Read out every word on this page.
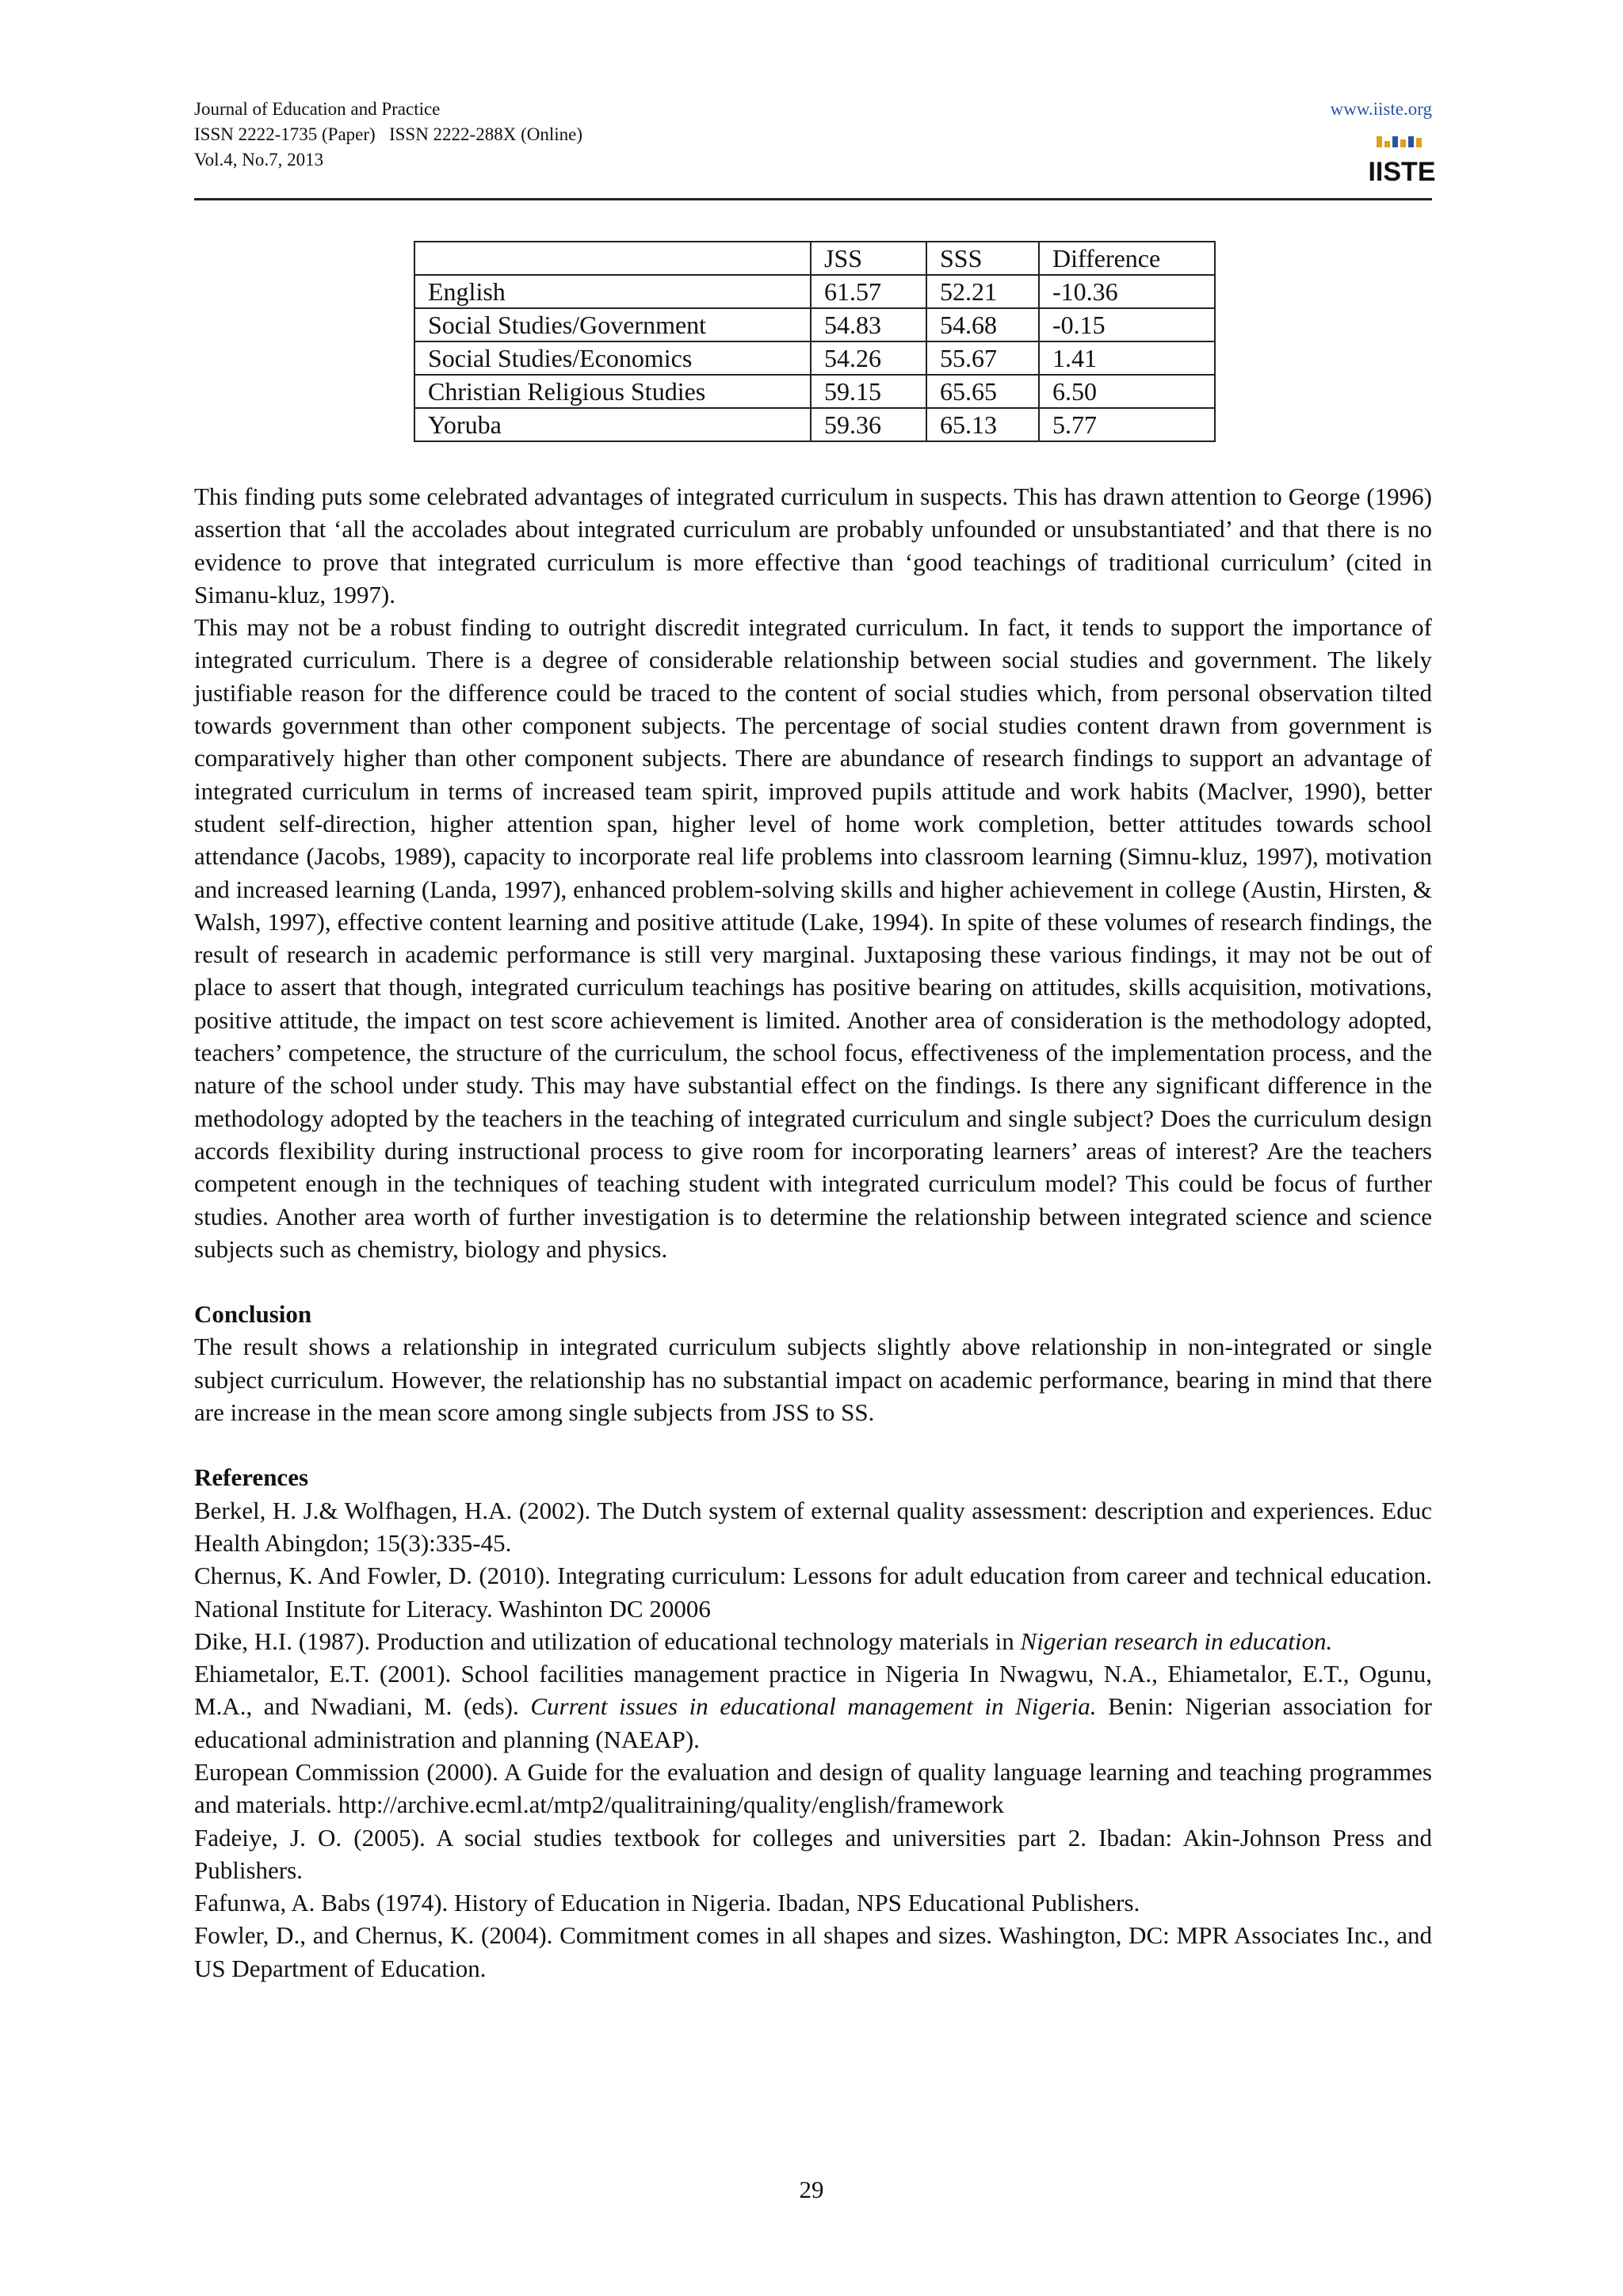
Journal of Education and Practice
ISSN 2222-1735 (Paper)   ISSN 2222-288X (Online)
Vol.4, No.7, 2013
www.iiste.org
IISTE
	JSS	SSS	Difference
English	61.57	52.21	-10.36
Social Studies/Government	54.83	54.68	-0.15
Social Studies/Economics	54.26	55.67	1.41
Christian Religious Studies	59.15	65.65	6.50
Yoruba	59.36	65.13	5.77

This finding puts some celebrated advantages of integrated curriculum in suspects. This has drawn attention to George (1996) assertion that ‘all the accolades about integrated curriculum are probably unfounded or unsubstantiated’ and that there is no evidence to prove that integrated curriculum is more effective than ‘good teachings of traditional curriculum’ (cited in Simanu-kluz, 1997).

This may not be a robust finding to outright discredit integrated curriculum. In fact, it tends to support the importance of integrated curriculum. There is a degree of considerable relationship between social studies and government. The likely justifiable reason for the difference could be traced to the content of social studies which, from personal observation tilted towards government than other component subjects. The percentage of social studies content drawn from government is comparatively higher than other component subjects. There are abundance of research findings to support an advantage of integrated curriculum in terms of increased team spirit, improved pupils attitude and work habits (Maclver, 1990), better student self-direction, higher attention span, higher level of home work completion, better attitudes towards school attendance (Jacobs, 1989), capacity to incorporate real life problems into classroom learning (Simnu-kluz, 1997), motivation and increased learning (Landa, 1997), enhanced problem-solving skills and higher achievement in college (Austin, Hirsten, & Walsh, 1997), effective content learning and positive attitude (Lake, 1994). In spite of these volumes of research findings, the result of research in academic performance is still very marginal. Juxtaposing these various findings, it may not be out of place to assert that though, integrated curriculum teachings has positive bearing on attitudes, skills acquisition, motivations, positive attitude, the impact on test score achievement is limited. Another area of consideration is the methodology adopted, teachers’ competence, the structure of the curriculum, the school focus, effectiveness of the implementation process, and the nature of the school under study. This may have substantial effect on the findings. Is there any significant difference in the methodology adopted by the teachers in the teaching of integrated curriculum and single subject? Does the curriculum design accords flexibility during instructional process to give room for incorporating learners’ areas of interest? Are the teachers competent enough in the techniques of teaching student with integrated curriculum model? This could be focus of further studies. Another area worth of further investigation is to determine the relationship between integrated science and science subjects such as chemistry, biology and physics.

Conclusion

The result shows a relationship in integrated curriculum subjects slightly above relationship in non-integrated or single subject curriculum. However, the relationship has no substantial impact on academic performance, bearing in mind that there are increase in the mean score among single subjects from JSS to SS.

References

Berkel, H. J.& Wolfhagen, H.A. (2002). The Dutch system of external quality assessment: description and experiences. Educ Health Abingdon; 15(3):335-45.

Chernus, K. And Fowler, D. (2010). Integrating curriculum: Lessons for adult education from career and technical education. National Institute for Literacy. Washinton DC 20006

Dike, H.I. (1987). Production and utilization of educational technology materials in Nigerian research in education.

Ehiametalor, E.T. (2001). School facilities management practice in Nigeria In Nwagwu, N.A., Ehiametalor, E.T., Ogunu, M.A., and Nwadiani, M. (eds). Current issues in educational management in Nigeria. Benin: Nigerian association for educational administration and planning (NAEAP).

European Commission (2000). A Guide for the evaluation and design of quality language learning and teaching programmes and materials. http://archive.ecml.at/mtp2/qualitraining/quality/english/framework

Fadeiye, J. O. (2005). A social studies textbook for colleges and universities part 2. Ibadan: Akin-Johnson Press and Publishers.

Fafunwa, A. Babs (1974). History of Education in Nigeria. Ibadan, NPS Educational Publishers.

Fowler, D., and Chernus, K. (2004). Commitment comes in all shapes and sizes. Washington, DC: MPR Associates Inc., and US Department of Education.

29
